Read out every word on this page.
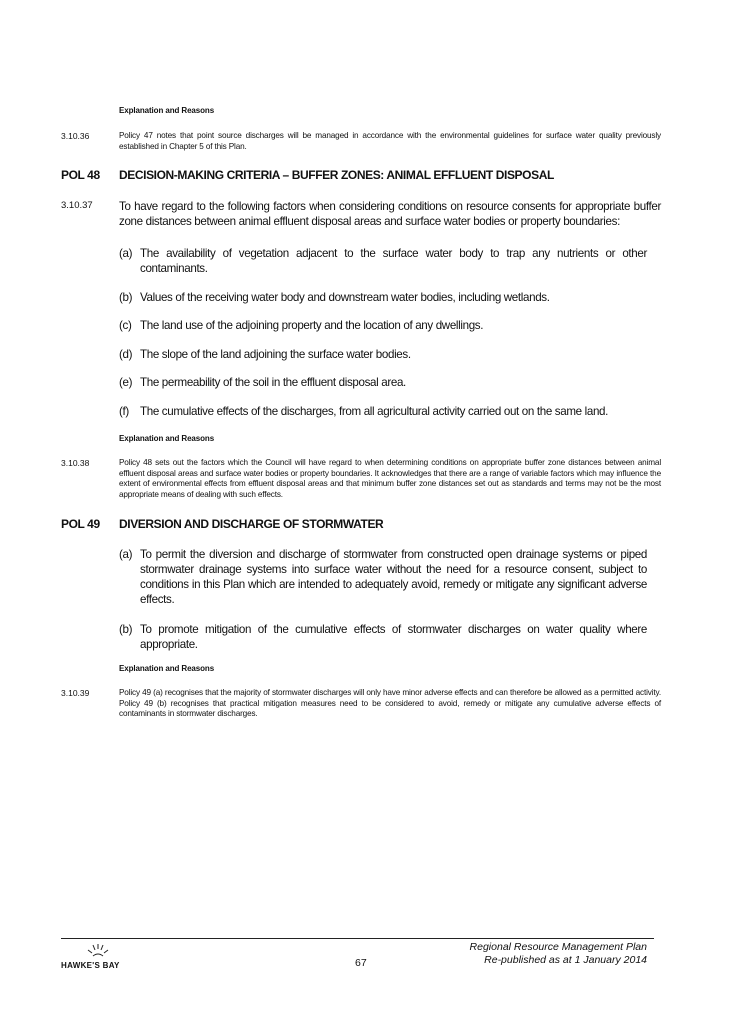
Explanation and Reasons
3.10.36	Policy 47 notes that point source discharges will be managed in accordance with the environmental guidelines for surface water quality previously established in Chapter 5 of this Plan.
POL 48 DECISION-MAKING CRITERIA – BUFFER ZONES: ANIMAL EFFLUENT DISPOSAL
3.10.37 To have regard to the following factors when considering conditions on resource consents for appropriate buffer zone distances between animal effluent disposal areas and surface water bodies or property boundaries:
(a) The availability of vegetation adjacent to the surface water body to trap any nutrients or other contaminants.
(b) Values of the receiving water body and downstream water bodies, including wetlands.
(c) The land use of the adjoining property and the location of any dwellings.
(d) The slope of the land adjoining the surface water bodies.
(e) The permeability of the soil in the effluent disposal area.
(f) The cumulative effects of the discharges, from all agricultural activity carried out on the same land.
Explanation and Reasons
3.10.38	Policy 48 sets out the factors which the Council will have regard to when determining conditions on appropriate buffer zone distances between animal effluent disposal areas and surface water bodies or property boundaries. It acknowledges that there are a range of variable factors which may influence the extent of environmental effects from effluent disposal areas and that minimum buffer zone distances set out as standards and terms may not be the most appropriate means of dealing with such effects.
POL 49 DIVERSION AND DISCHARGE OF STORMWATER
(a) To permit the diversion and discharge of stormwater from constructed open drainage systems or piped stormwater drainage systems into surface water without the need for a resource consent, subject to conditions in this Plan which are intended to adequately avoid, remedy or mitigate any significant adverse effects.
(b) To promote mitigation of the cumulative effects of stormwater discharges on water quality where appropriate.
Explanation and Reasons
3.10.39	Policy 49 (a) recognises that the majority of stormwater discharges will only have minor adverse effects and can therefore be allowed as a permitted activity. Policy 49 (b) recognises that practical mitigation measures need to be considered to avoid, remedy or mitigate any cumulative adverse effects of contaminants in stormwater discharges.
HAWKE'S BAY	67
Regional Resource Management Plan
Re-published as at 1 January 2014
